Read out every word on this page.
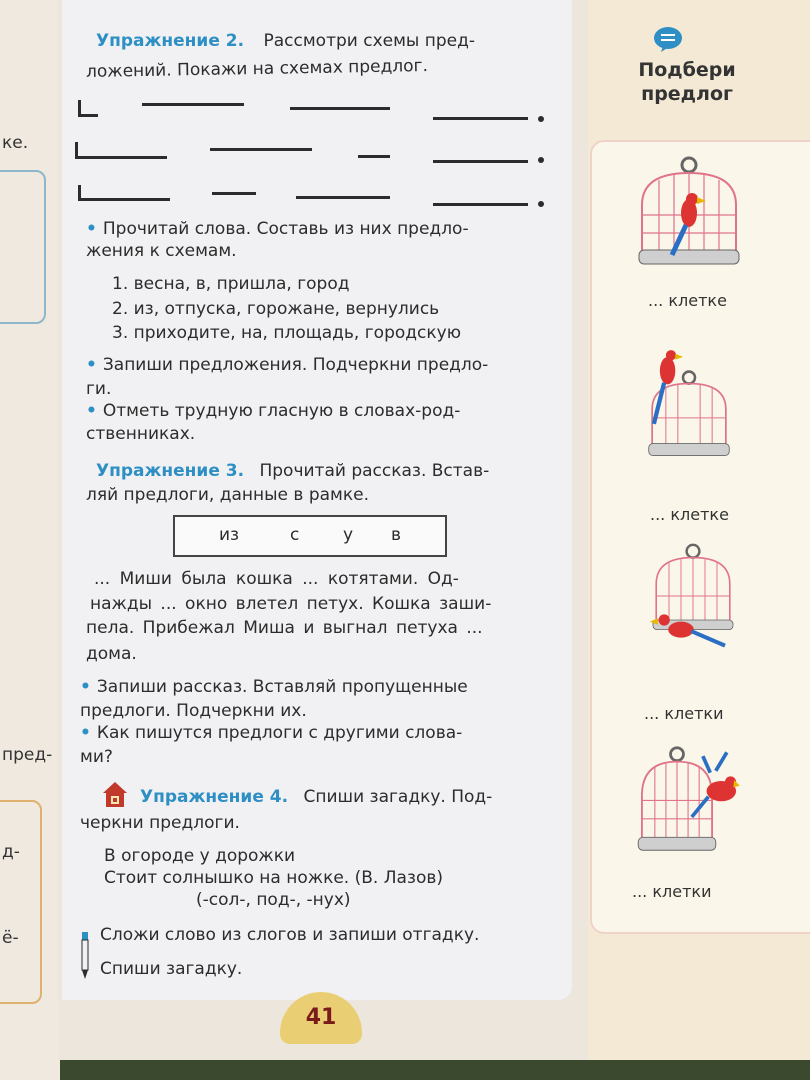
ке.
пред-
д-
ё-
Упражнение 2. Рассмотри схемы пред-
ложений. Покажи на схемах предлог.
• Прочитай слова. Составь из них предло-
жения к схемам.
1. весна, в, пришла, город
2. из, отпуска, горожане, вернулись
3. приходите, на, площадь, городскую
• Запиши предложения. Подчеркни предло-
ги.
• Отметь трудную гласную в словах-род-
ственниках.
Упражнение 3. Прочитай рассказ. Встав-
ляй предлоги, данные в рамке.
из	с	у в
... Миши была кошка ... котятами. Од-
нажды ... окно влетел петух. Кошка заши-
пела. Прибежал Миша и выгнал петуха ...
дома.
• Запиши рассказ. Вставляй пропущенные
предлоги. Подчеркни их.
• Как пишутся предлоги с другими слова-
ми?
Упражнение 4. Спиши загадку. Под-
черкни предлоги.
В огороде у дорожки
Стоит солнышко на ножке. (В. Лазов)
(-сол-, под-, -нух)
Сложи слово из слогов и запиши отгадку.
Спиши загадку.
41
Подбери
предлог
... клетке
... клетке
... клетки
... клетки
